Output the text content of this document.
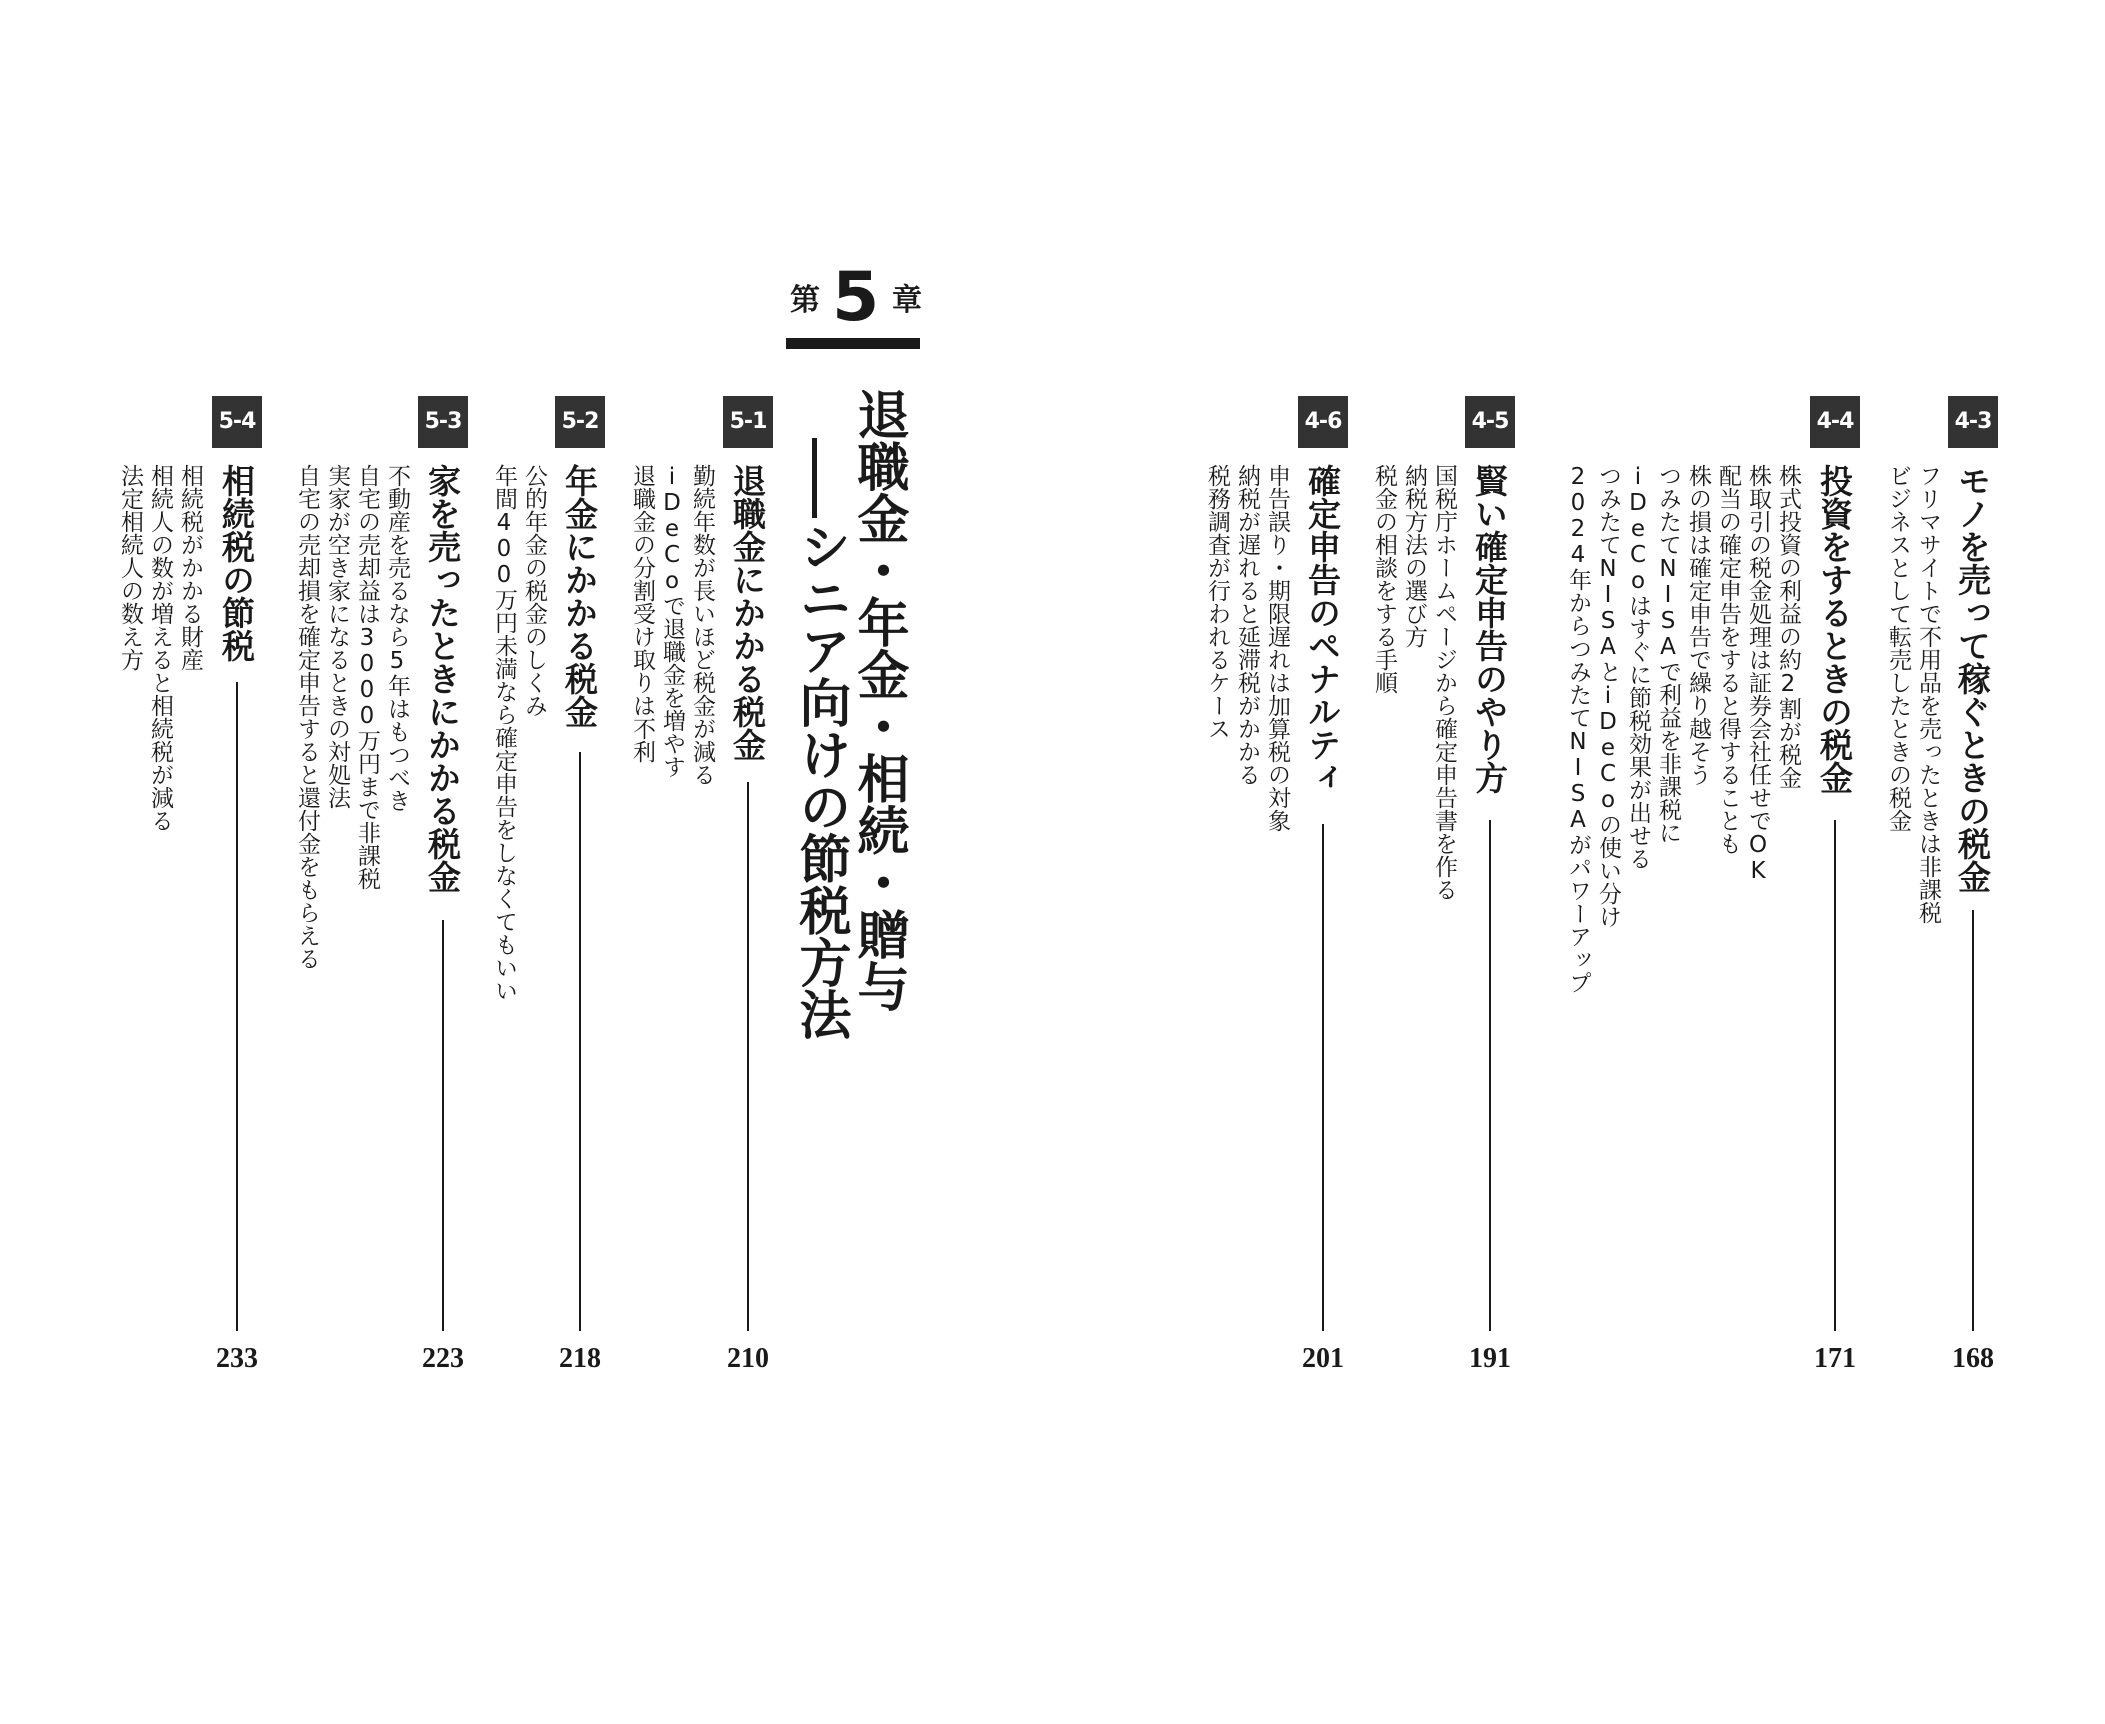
第 5 章
退職金・年金・相続・贈与
シニア向けの節税方法
4-3
モノを売って稼ぐときの税金
フリマサイトで不用品を売ったときは非課税
ビジネスとして転売したときの税金
168
4-4
投資をするときの税金
株式投資の利益の約2割が税金
株取引の税金処理は証券会社任せでOK
配当の確定申告をすると得することも
株の損は確定申告で繰り越そう
つみたてNISAで利益を非課税に
iDeCoはすぐに節税効果が出せる
つみたてNISAとiDeCoの使い分け
2024年からつみたてNISAがパワーアップ
171
4-5
賢い確定申告のやり方
国税庁ホームページから確定申告書を作る
納税方法の選び方
税金の相談をする手順
191
4-6
確定申告のペナルティ
申告誤り・期限遅れは加算税の対象
納税が遅れると延滞税がかかる
税務調査が行われるケース
201
5-1
退職金にかかる税金
勤続年数が長いほど税金が減る
iDeCoで退職金を増やす
退職金の分割受け取りは不利
210
5-2
年金にかかる税金
公的年金の税金のしくみ
年間400万円未満なら確定申告をしなくてもいい
218
5-3
家を売ったときにかかる税金
不動産を売るなら5年はもつべき
自宅の売却益は3000万円まで非課税
実家が空き家になるときの対処法
自宅の売却損を確定申告すると還付金をもらえる
223
5-4
相続税の節税
相続税がかかる財産
相続人の数が増えると相続税が減る
法定相続人の数え方
233
